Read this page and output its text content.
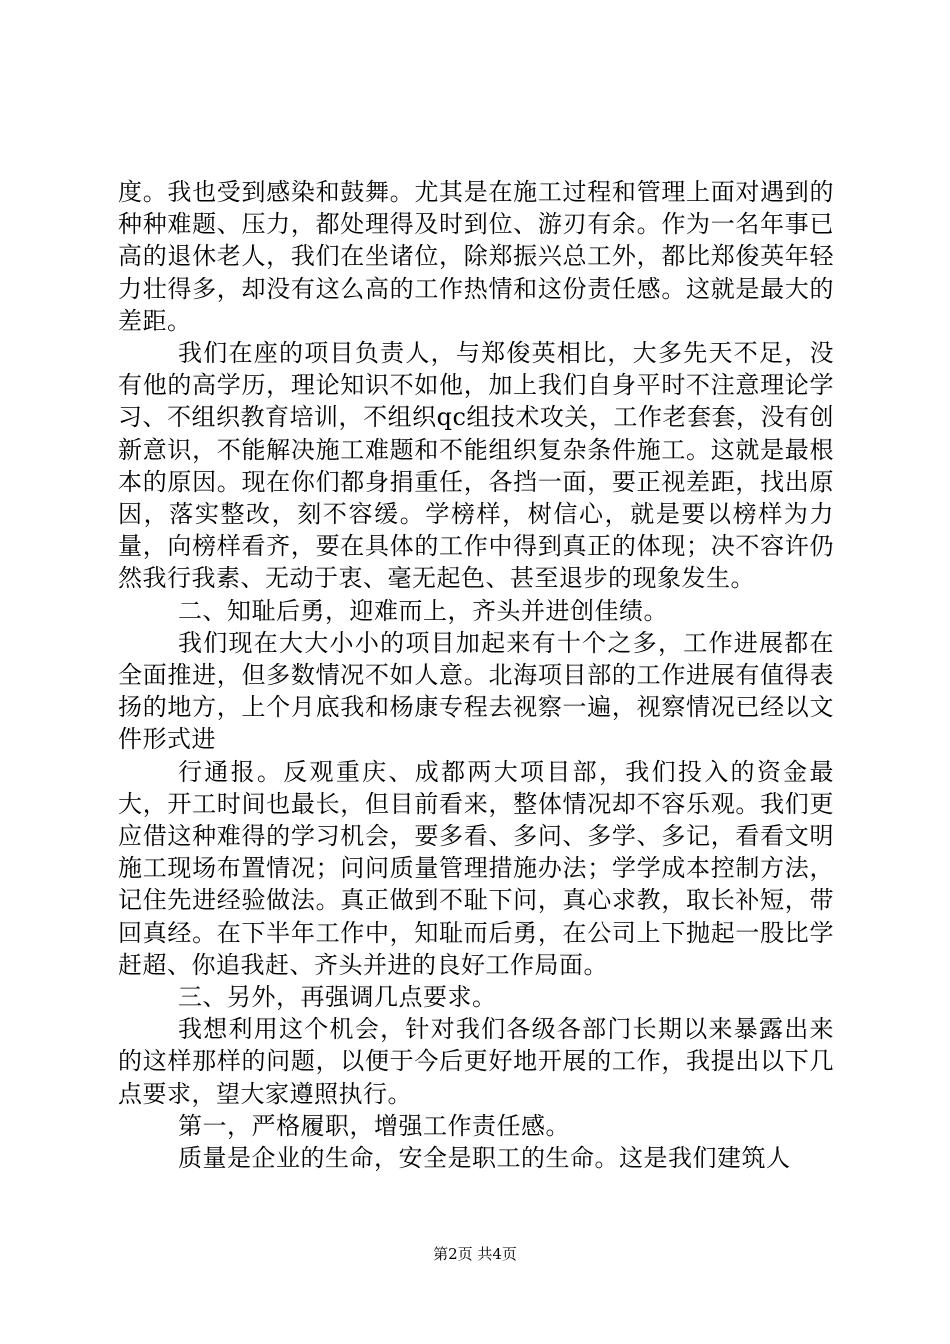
度。我也受到感染和鼓舞。尤其是在施工过程和管理上面对遇到的种种难题、压力，都处理得及时到位、游刃有余。作为一名年事已高的退休老人，我们在坐诸位，除郑振兴总工外，都比郑俊英年轻力壮得多，却没有这么高的工作热情和这份责任感。这就是最大的差距。

我们在座的项目负责人，与郑俊英相比，大多先天不足，没有他的高学历，理论知识不如他，加上我们自身平时不注意理论学习、不组织教育培训，不组织qc组技术攻关，工作老套套，没有创新意识，不能解决施工难题和不能组织复杂条件施工。这就是最根本的原因。现在你们都身捐重任，各挡一面，要正视差距，找出原因，落实整改，刻不容缓。学榜样，树信心，就是要以榜样为力量，向榜样看齐，要在具体的工作中得到真正的体现；决不容许仍然我行我素、无动于衷、毫无起色、甚至退步的现象发生。

二、知耻后勇，迎难而上，齐头并进创佳绩。

我们现在大大小小的项目加起来有十个之多，工作进展都在全面推进，但多数情况不如人意。北海项目部的工作进展有值得表扬的地方，上个月底我和杨康专程去视察一遍，视察情况已经以文件形式进

行通报。反观重庆、成都两大项目部，我们投入的资金最大，开工时间也最长，但目前看来，整体情况却不容乐观。我们更应借这种难得的学习机会，要多看、多问、多学、多记，看看文明施工现场布置情况；问问质量管理措施办法；学学成本控制方法，记住先进经验做法。真正做到不耻下问，真心求教，取长补短，带回真经。在下半年工作中，知耻而后勇，在公司上下抛起一股比学赶超、你追我赶、齐头并进的良好工作局面。

三、另外，再强调几点要求。

我想利用这个机会，针对我们各级各部门长期以来暴露出来的这样那样的问题，以便于今后更好地开展的工作，我提出以下几点要求，望大家遵照执行。

第一，严格履职，增强工作责任感。

质量是企业的生命，安全是职工的生命。这是我们建筑人

第2页 共4页
